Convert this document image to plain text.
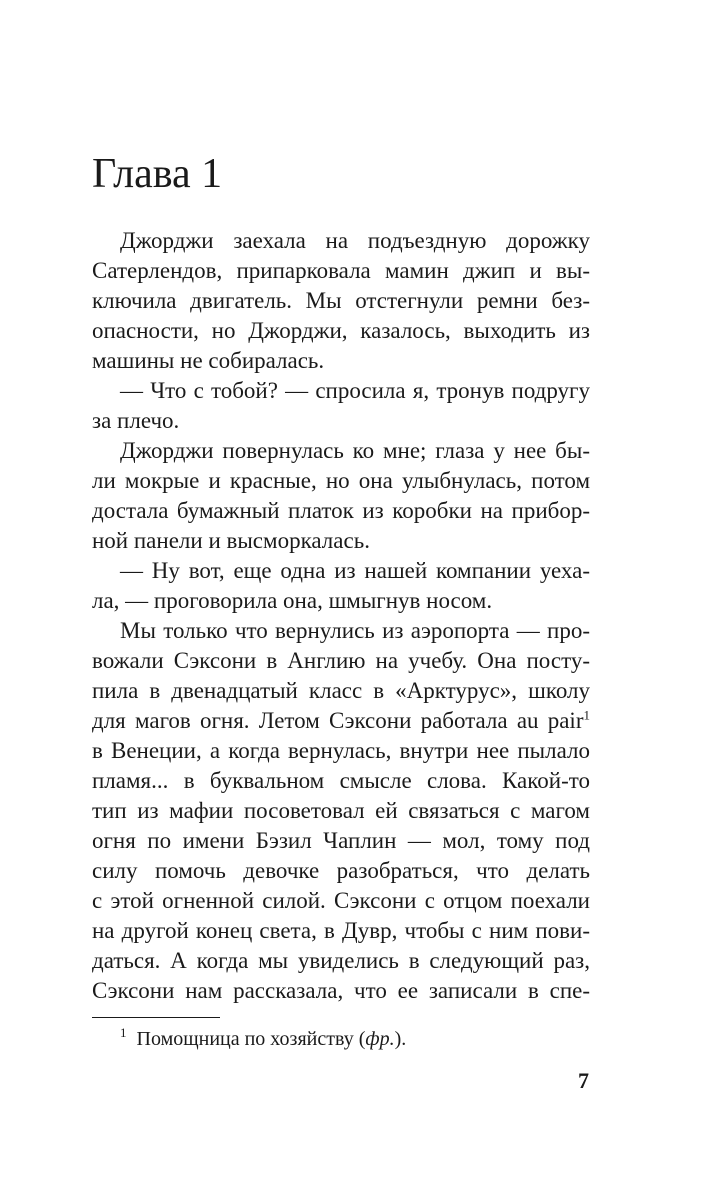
Глава 1
Джорджи заехала на подъездную дорожку
Сатерлендов, припарковала мамин джип и вы-
ключила двигатель. Мы отстегнули ремни без-
опасности, но Джорджи, казалось, выходить из
машины не собиралась.
— Что с тобой? — спросила я, тронув подругу
за плечо.
Джорджи повернулась ко мне; глаза у нее бы-
ли мокрые и красные, но она улыбнулась, потом
достала бумажный платок из коробки на прибор-
ной панели и высморкалась.
— Ну вот, еще одна из нашей компании уеха-
ла, — проговорила она, шмыгнув носом.
Мы только что вернулись из аэропорта — про-
вожали Сэксони в Англию на учебу. Она посту-
пила в двенадцатый класс в «Арктурус», школу
для магов огня. Летом Сэксони работала au pair$^1$
в Венеции, а когда вернулась, внутри нее пылало
пламя... в буквальном смысле слова. Какой-то
тип из мафии посоветовал ей связаться с магом
огня по имени Бэзил Чаплин — мол, тому под
силу помочь девочке разобраться, что делать
с этой огненной силой. Сэксони с отцом поехали
на другой конец света, в Дувр, чтобы с ним пови-
даться. А когда мы увиделись в следующий раз,
Сэксони нам рассказала, что ее записали в спе-
$^1$ Помощница по хозяйству (фр.).
7
